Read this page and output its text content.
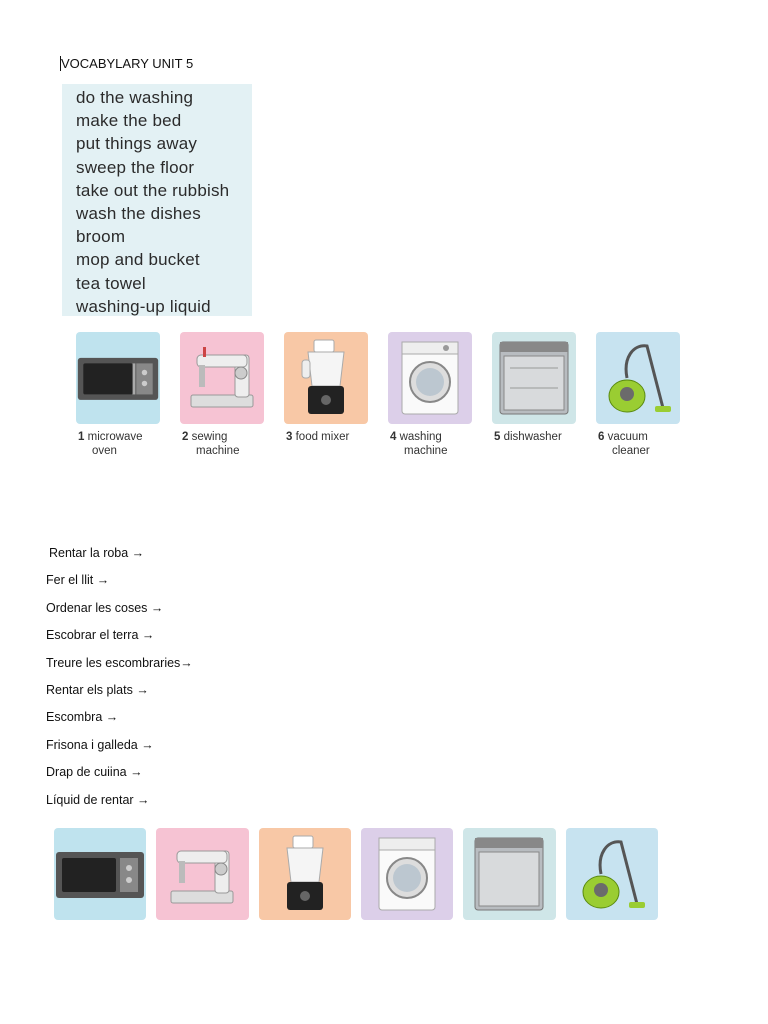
VOCABYLARY UNIT 5
do the washing
make the bed
put things away
sweep the floor
take out the rubbish
wash the dishes
broom
mop and bucket
tea towel
washing-up liquid
1 microwave
oven
2 sewing
machine
3 food mixer	4 washing
machine
5 dishwasher	6 vacuum
cleaner
Rentar la roba →
Fer el llit →
Ordenar les coses →
Escobrar el terra →
Treure les escombraries→
Rentar els plats →
Escombra →
Frisona i galleda →
Drap de cuiina →
Líquid de rentar →
